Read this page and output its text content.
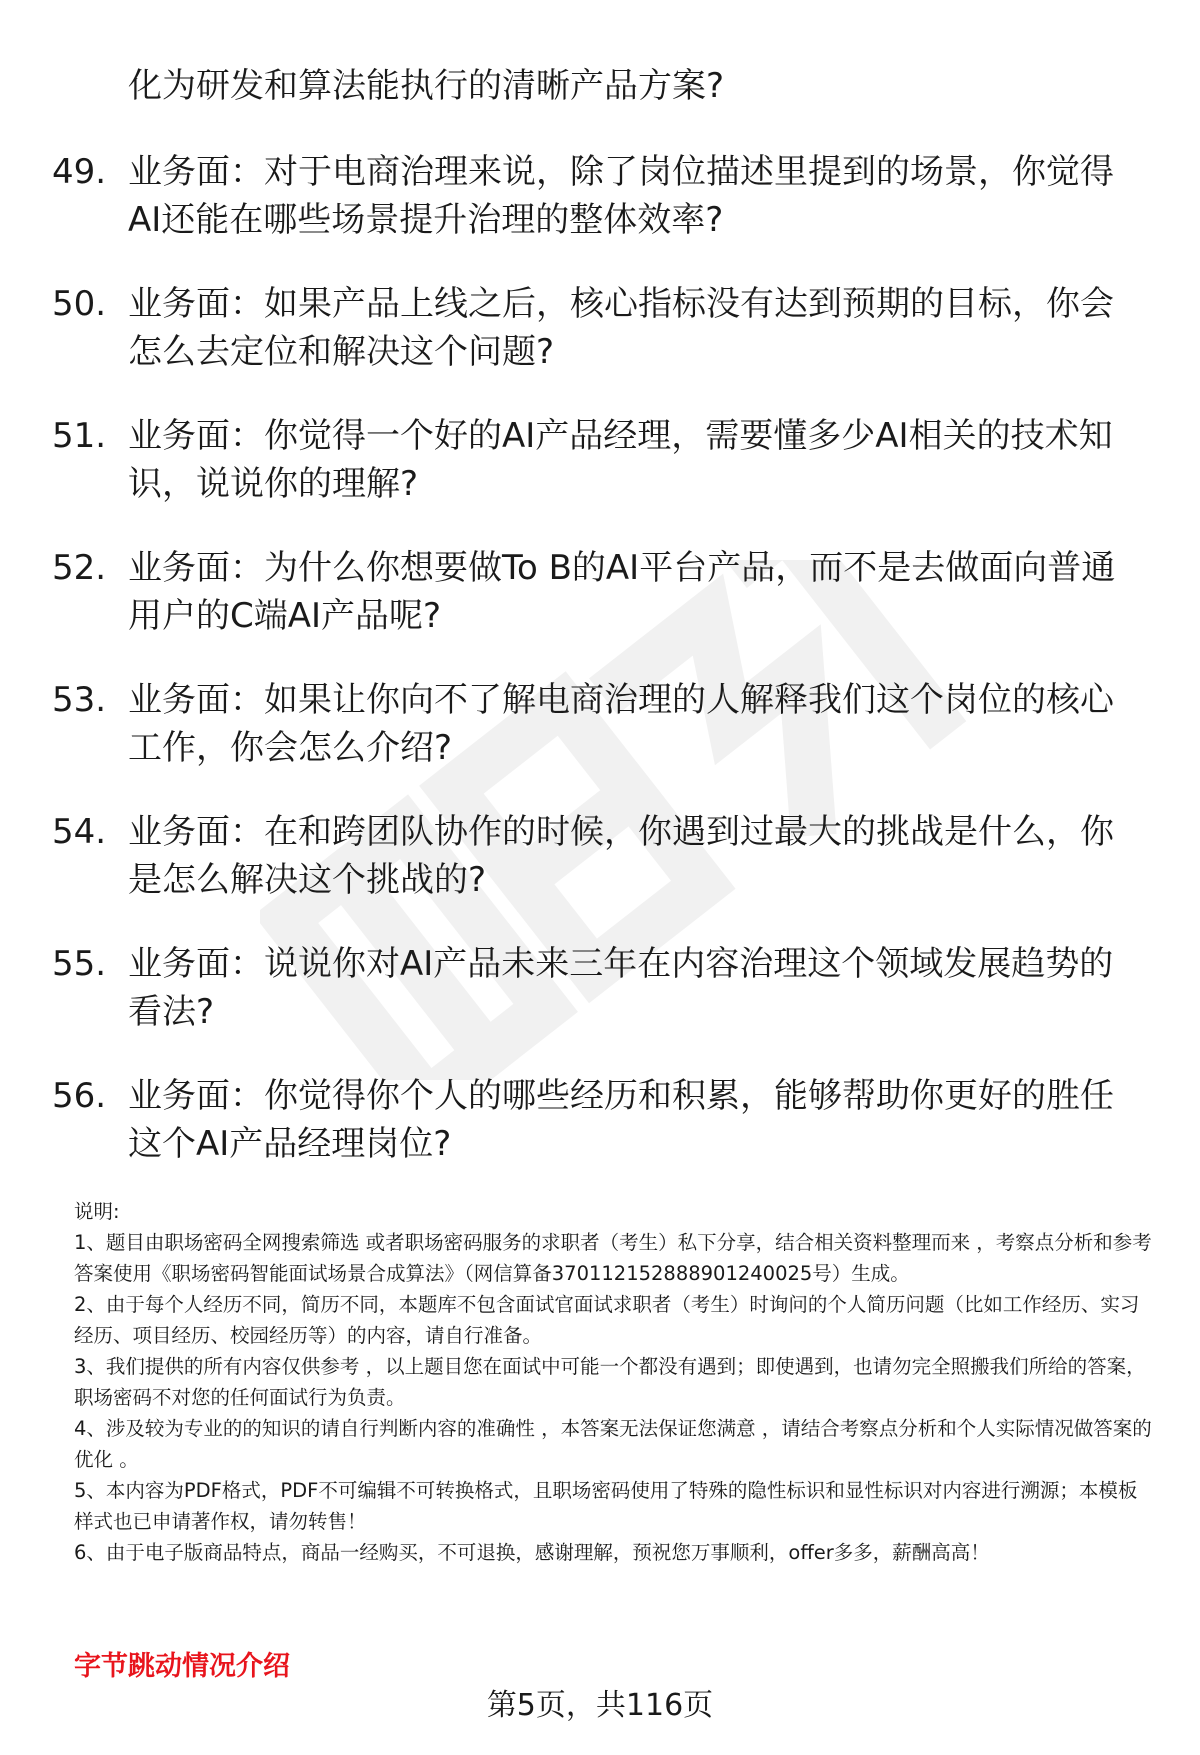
化为研发和算法能执行的清晰产品方案?
49. 业务面：对于电商治理来说，除了岗位描述里提到的场景，你觉得AI还能在哪些场景提升治理的整体效率?
50. 业务面：如果产品上线之后，核心指标没有达到预期的目标，你会怎么去定位和解决这个问题?
51. 业务面：你觉得一个好的AI产品经理，需要懂多少AI相关的技术知识，说说你的理解?
52. 业务面：为什么你想要做To B的AI平台产品，而不是去做面向普通用户的C端AI产品呢?
53. 业务面：如果让你向不了解电商治理的人解释我们这个岗位的核心工作，你会怎么介绍?
54. 业务面：在和跨团队协作的时候，你遇到过最大的挑战是什么，你是怎么解决这个挑战的?
55. 业务面：说说你对AI产品未来三年在内容治理这个领域发展趋势的看法?
56. 业务面：你觉得你个人的哪些经历和积累，能够帮助你更好的胜任这个AI产品经理岗位?

说明:

1、题目由职场密码全网搜索筛选 或者职场密码服务的求职者（考生）私下分享，结合相关资料整理而来 ，考察点分析和参考答案使用《职场密码智能面试场景合成算法》（网信算备370112152888901240025号）生成。

2、由于每个人经历不同，简历不同，本题库不包含面试官面试求职者（考生）时询问的个人简历问题（比如工作经历、实习经历、项目经历、校园经历等）的内容，请自行准备。

3、我们提供的所有内容仅供参考 ，以上题目您在面试中可能一个都没有遇到；即使遇到，也请勿完全照搬我们所给的答案，职场密码不对您的任何面试行为负责。

4、涉及较为专业的的知识的请自行判断内容的准确性 ，本答案无法保证您满意 ，请结合考察点分析和个人实际情况做答案的优化 。

5、本内容为PDF格式，PDF不可编辑不可转换格式，且职场密码使用了特殊的隐性标识和显性标识对内容进行溯源；本模板样式也已申请著作权，请勿转售！

6、由于电子版商品特点，商品一经购买，不可退换，感谢理解，预祝您万事顺利，offer多多，薪酬高高！

字节跳动情况介绍
第5页，共116页
